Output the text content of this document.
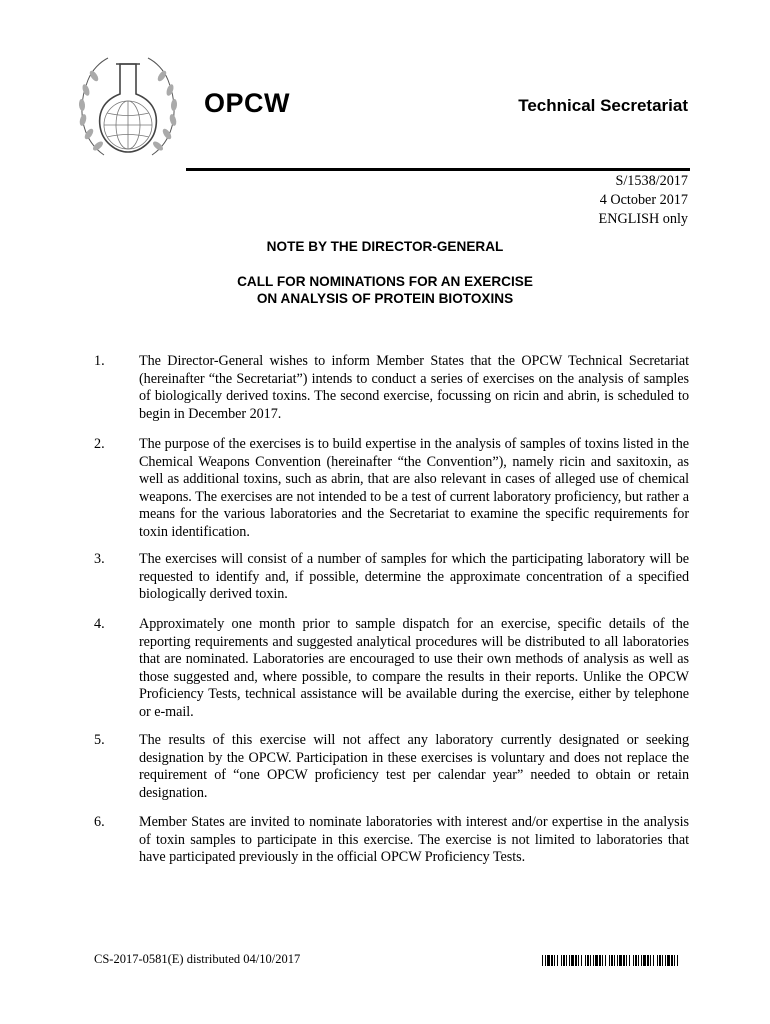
OPCW	Technical Secretariat
S/1538/2017
4 October 2017
ENGLISH only
NOTE BY THE DIRECTOR-GENERAL
CALL FOR NOMINATIONS FOR AN EXERCISE
ON ANALYSIS OF PROTEIN BIOTOXINS
1. The Director-General wishes to inform Member States that the OPCW Technical Secretariat (hereinafter “the Secretariat”) intends to conduct a series of exercises on the analysis of samples of biologically derived toxins. The second exercise, focussing on ricin and abrin, is scheduled to begin in December 2017.
2. The purpose of the exercises is to build expertise in the analysis of samples of toxins listed in the Chemical Weapons Convention (hereinafter “the Convention”), namely ricin and saxitoxin, as well as additional toxins, such as abrin, that are also relevant in cases of alleged use of chemical weapons. The exercises are not intended to be a test of current laboratory proficiency, but rather a means for the various laboratories and the Secretariat to examine the specific requirements for toxin identification.
3. The exercises will consist of a number of samples for which the participating laboratory will be requested to identify and, if possible, determine the approximate concentration of a specified biologically derived toxin.
4. Approximately one month prior to sample dispatch for an exercise, specific details of the reporting requirements and suggested analytical procedures will be distributed to all laboratories that are nominated. Laboratories are encouraged to use their own methods of analysis as well as those suggested and, where possible, to compare the results in their reports. Unlike the OPCW Proficiency Tests, technical assistance will be available during the exercise, either by telephone or e-mail.
5. The results of this exercise will not affect any laboratory currently designated or seeking designation by the OPCW. Participation in these exercises is voluntary and does not replace the requirement of “one OPCW proficiency test per calendar year” needed to obtain or retain designation.
6. Member States are invited to nominate laboratories with interest and/or expertise in the analysis of toxin samples to participate in this exercise. The exercise is not limited to laboratories that have participated previously in the official OPCW Proficiency Tests.
CS-2017-0581(E) distributed 04/10/2017
